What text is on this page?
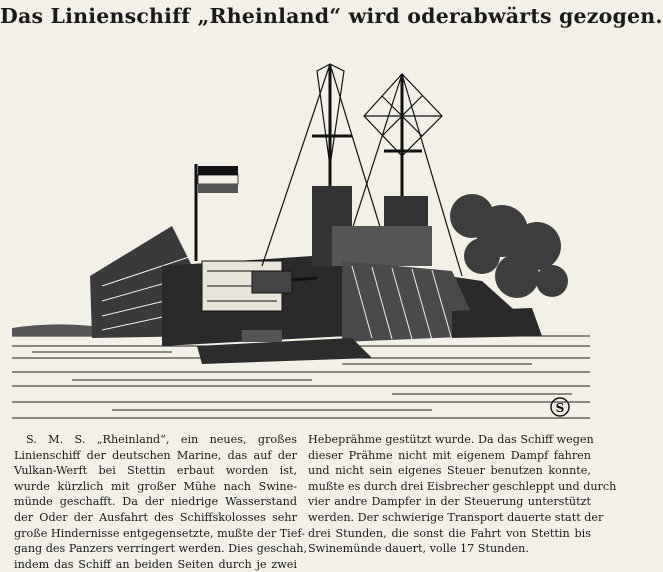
Das Linienschiff „Rheinland“ wird oderabwärts gezogen.
S
S. M. S. „Rheinland“, ein neues, großes
Linienschiff der deutschen Marine, das auf der
Vulkan-Werft bei Stettin erbaut worden ist,
wurde kürzlich mit großer Mühe nach Swine-
münde geschafft. Da der niedrige Wasserstand
der Oder der Ausfahrt des Schiffskolosses sehr
große Hindernisse entgegensetzte, mußte der Tief-
gang des Panzers verringert werden. Dies geschah,
indem das Schiff an beiden Seiten durch je zwei
Hebeprähme gestützt wurde. Da das Schiff wegen
dieser Prähme nicht mit eigenem Dampf fahren
und nicht sein eigenes Steuer benutzen konnte,
mußte es durch drei Eisbrecher geschleppt und durch
vier andre Dampfer in der Steuerung unterstützt
werden. Der schwierige Transport dauerte statt der
drei Stunden, die sonst die Fahrt von Stettin bis
Swinemünde dauert, volle 17 Stunden.
